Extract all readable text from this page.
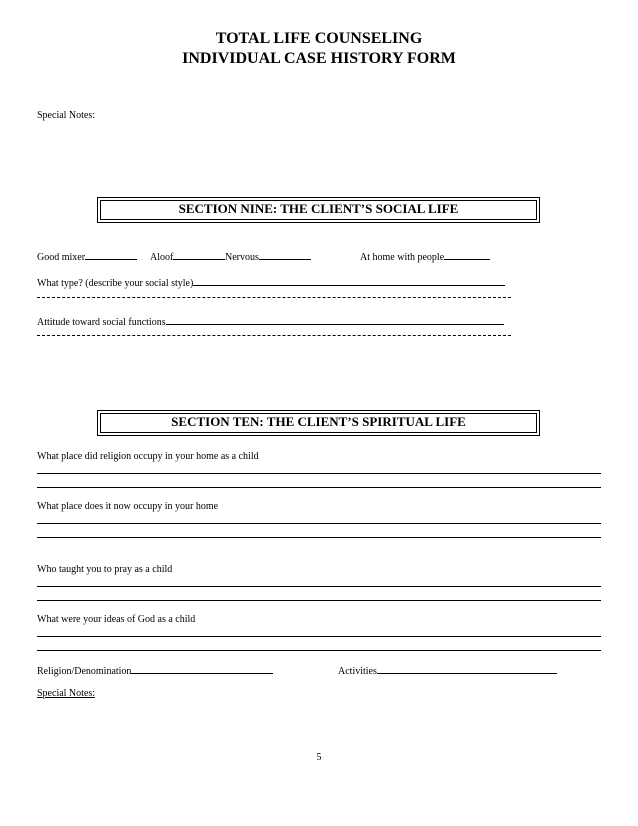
TOTAL LIFE COUNSELING
INDIVIDUAL CASE HISTORY FORM
Special Notes:
SECTION NINE: THE CLIENT’S SOCIAL LIFE
Good mixer	Aloof	Nervous	At home with people
What type? (describe your social style)
Attitude toward social functions
SECTION TEN: THE CLIENT’S SPIRITUAL LIFE
What place did religion occupy in your home as a child
What place does it now occupy in your home
Who taught you to pray as a child
What were your ideas of God as a child
Religion/Denomination	Activities
Special Notes:
5
